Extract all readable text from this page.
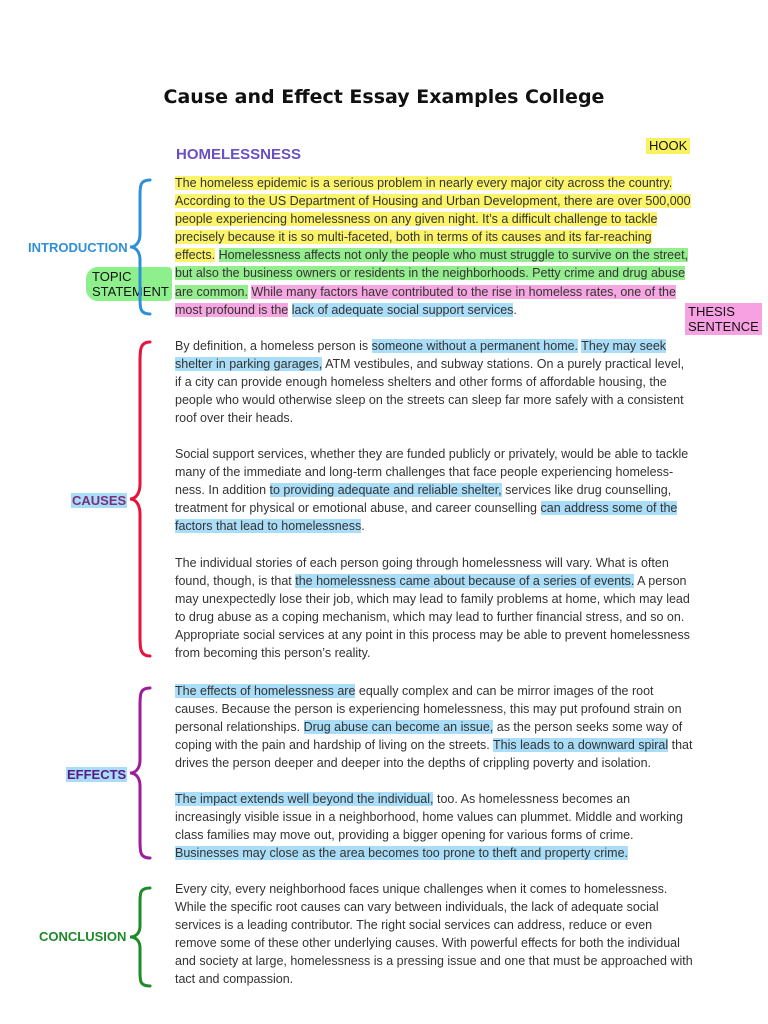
Cause and Effect Essay Examples College
HOMELESSNESS
HOOK
THESIS
SENTENCE
TOPIC
STATEMENT
INTRODUCTION
CAUSES
EFFECTS
CONCLUSION
The homeless epidemic is a serious problem in nearly every major city across the country. According to the US Department of Housing and Urban Development, there are over 500,000 people experiencing homelessness on any given night. It’s a difficult challenge to tackle precisely because it is so multi-faceted, both in terms of its causes and its far-reaching effects. Homelessness affects not only the people who must struggle to survive on the street, but also the business owners or residents in the neighborhoods. Petty crime and drug abuse are common. While many factors have contributed to the rise in homeless rates, one of the most profound is the lack of adequate social support services.
By definition, a homeless person is someone without a permanent home. They may seek shelter in parking garages, ATM vestibules, and subway stations. On a purely practical level, if a city can provide enough homeless shelters and other forms of affordable housing, the people who would otherwise sleep on the streets can sleep far more safely with a consistent roof over their heads.
Social support services, whether they are funded publicly or privately, would be able to tackle many of the immediate and long-term challenges that face people experiencing homeless-ness. In addition to providing adequate and reliable shelter, services like drug counselling, treatment for physical or emotional abuse, and career counselling can address some of the factors that lead to homelessness.
The individual stories of each person going through homelessness will vary. What is often found, though, is that the homelessness came about because of a series of events. A person may unexpectedly lose their job, which may lead to family problems at home, which may lead to drug abuse as a coping mechanism, which may lead to further financial stress, and so on. Appropriate social services at any point in this process may be able to prevent homelessness from becoming this person’s reality.
The effects of homelessness are equally complex and can be mirror images of the root causes. Because the person is experiencing homelessness, this may put profound strain on personal relationships. Drug abuse can become an issue, as the person seeks some way of coping with the pain and hardship of living on the streets. This leads to a downward spiral that drives the person deeper and deeper into the depths of crippling poverty and isolation.
The impact extends well beyond the individual, too. As homelessness becomes an increasingly visible issue in a neighborhood, home values can plummet. Middle and working class families may move out, providing a bigger opening for various forms of crime. Businesses may close as the area becomes too prone to theft and property crime.
Every city, every neighborhood faces unique challenges when it comes to homelessness. While the specific root causes can vary between individuals, the lack of adequate social services is a leading contributor. The right social services can address, reduce or even remove some of these other underlying causes. With powerful effects for both the individual and society at large, homelessness is a pressing issue and one that must be approached with tact and compassion.
